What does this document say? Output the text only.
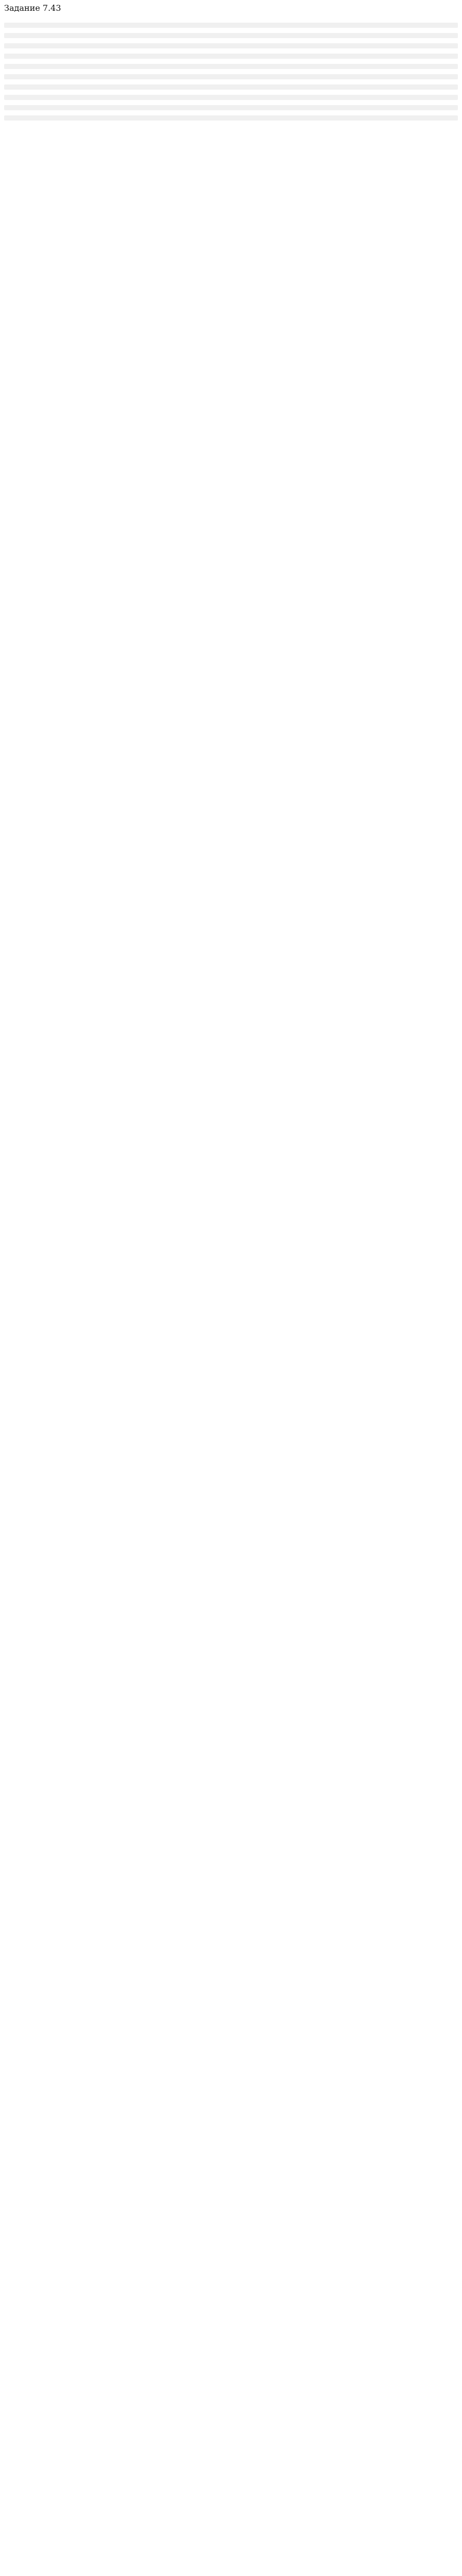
Задание 7.43
